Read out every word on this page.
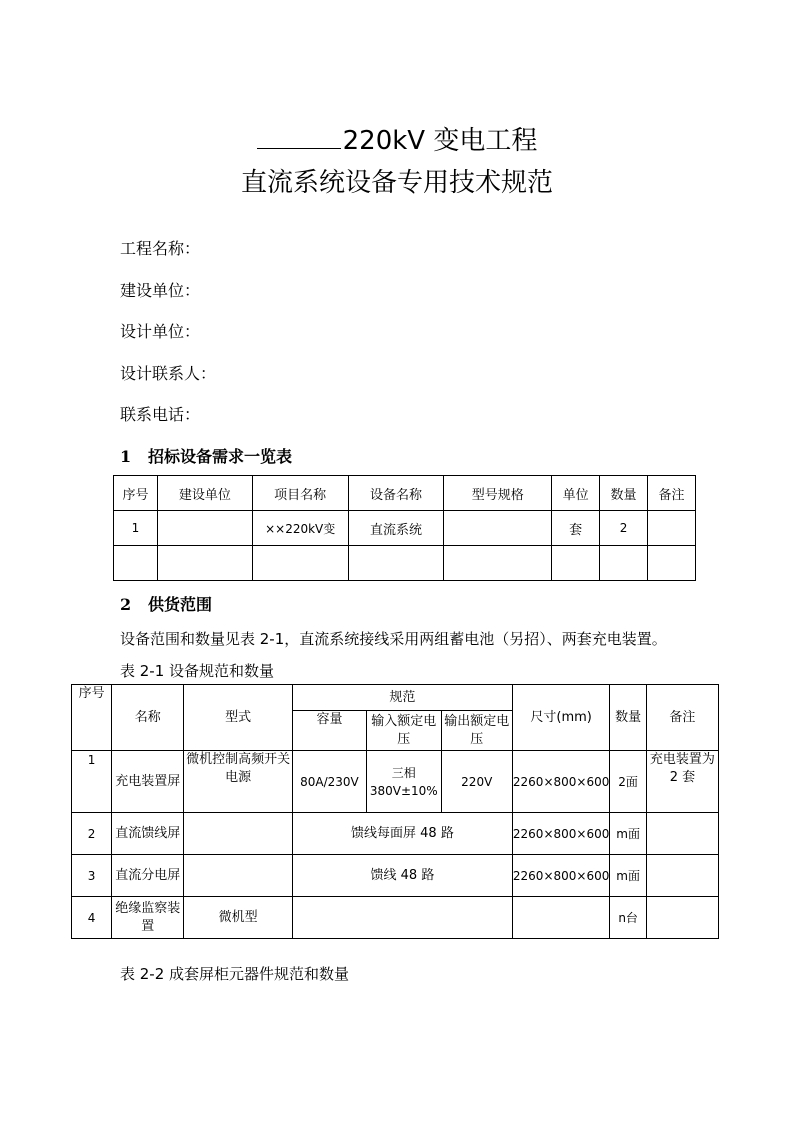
220kV 变电工程
直流系统设备专用技术规范
工程名称：
建设单位：
设计单位：
设计联系人：
联系电话：
1 招标设备需求一览表
序号	建设单位	项目名称	设备名称	型号规格	单位	数量	备注
1		××220kV变	直流系统		套	2	

2 供货范围
设备范围和数量见表 2-1，直流系统接线采用两组蓄电池（另招）、两套充电装置。
表 2-1 设备规范和数量
序号	名称	型式	规范			尺寸(mm)	数量	备注
			容量	输入额定电压	输出额定电压			
1	充电装置屏	微机控制高频开关电源	80A/230V	三相380V±10%	220V	2260×800×600	2面	充电装置为 2 套
2	直流馈线屏		馈线每面屏 48 路			2260×800×600	m面	
3	直流分电屏		馈线 48 路			2260×800×600	m面	
4	绝缘监察装置	微机型					n台	
表 2-2 成套屏柜元器件规范和数量
